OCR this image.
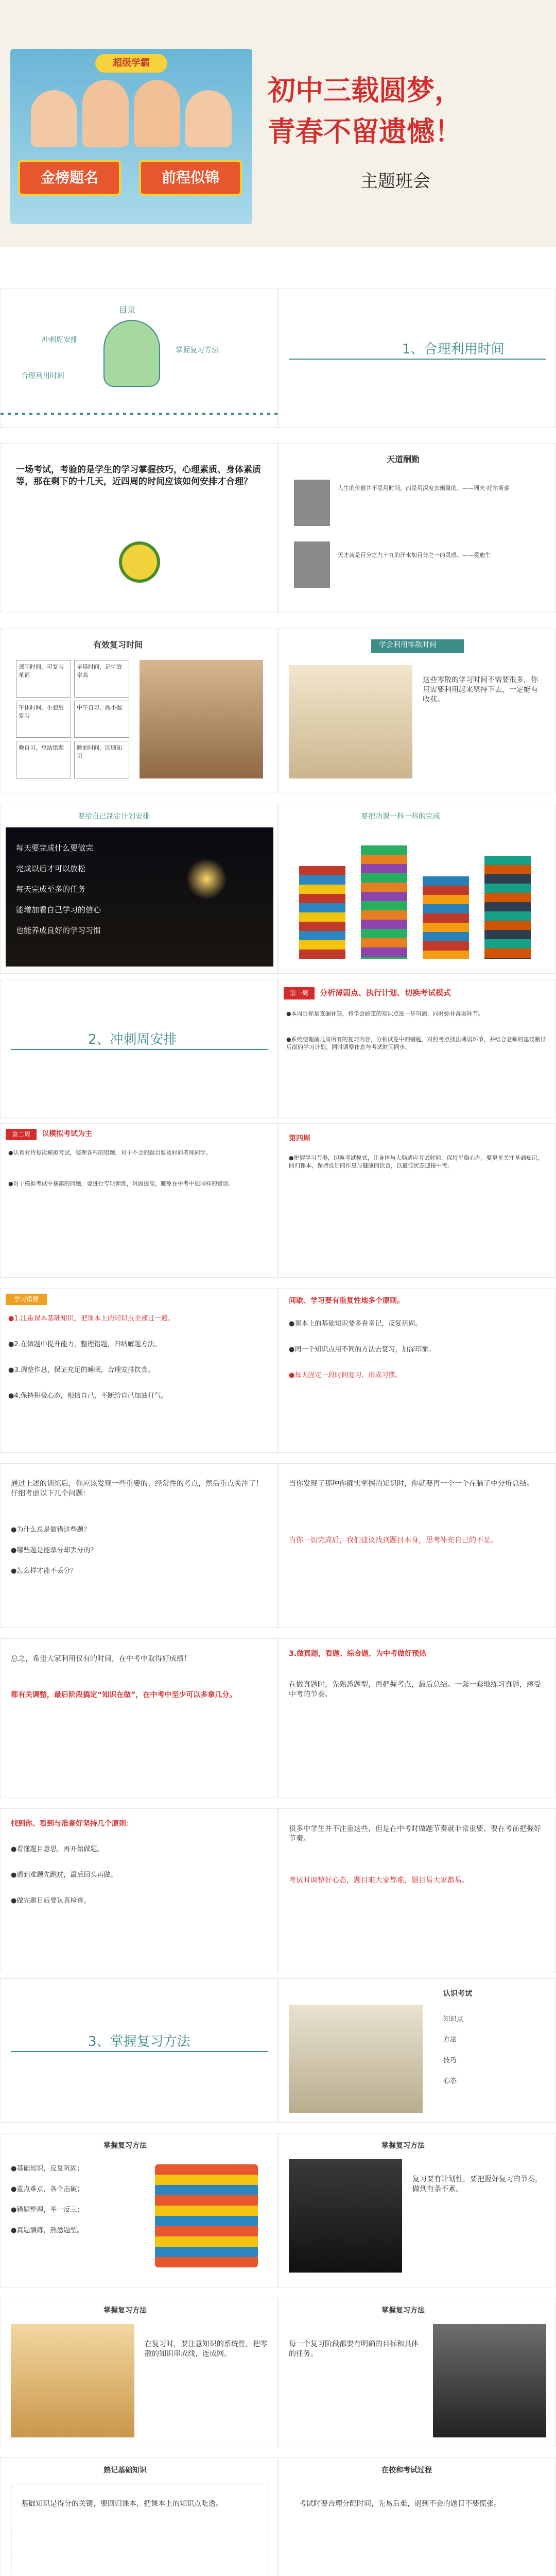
超级学霸
金榜题名	前程似锦
初中三载圆梦，
青春不留遗憾！
主题班会
目录
冲刺周安排
合理利用时间
掌握复习方法	1、合理利用时间
一场考试，考验的是学生的学习掌握技巧，心理素质、身体素质等，那在剩下的十几天，近四周的时间应该如何安排才合理？
天道酬勤
人生的价值并不是用时间，而是用深度去衡量的。——列夫·托尔斯泰
天才就是百分之九十九的汗水加百分之一的灵感。——爱迪生
有效复习时间
课间时间，可复习单词
早晨时间，记忆效率高
午休时间，小憩后复习
中午自习，做小题
晚自习，总结错题	睡前时间，回顾知识
学会利用零散时间
这些零散的学习时间不需要很多，你只需要利用起来坚持下去，一定能有收获。
要给自己制定计划安排
每天要完成什么要做完
完成以后才可以放松
每天完成至多的任务
能增加看自己学习的信心
也能养成良好的学习习惯
要把功课一科一科的完成
2、冲刺周安排
第一周	分析薄弱点、执行计划、切换考试模式
●本周目标是查漏补缺，将学会搞定的知识点进一步巩固，同时弥补薄弱环节。
●系统整理前几周所有的复习内容，分析试卷中的错题，对照考点找出薄弱环节，并结合老师的建议制订后面的学习计划，同时调整作息与考试时间同步。
第二周	以模拟考试为主
●认真对待每次模拟考试，整理各科的错题，对于不会的题目要及时问老师同学。
●对于模拟考试中暴露的问题，要进行专项训练，巩固提高，避免在中考中犯同样的错误。
第四周
●把握学习节奏，切换考试模式，让身体与大脑适应考试时间，保持平稳心态。要更多关注基础知识，回归课本，保持良好的作息与健康的饮食，以最佳状态迎接中考。
学习重要
●1.注重课本基础知识，把课本上的知识点全部过一遍。
●2.在做题中提升能力，整理错题，归纳解题方法。
●3.调整作息，保证充足的睡眠，合理安排饮食。
●4.保持积极心态，相信自己，不断给自己加油打气。
间歇、学习要有重复性地多个原则。
●课本上的基础知识要多看多记，反复巩固。
●同一个知识点用不同的方法去复习，加深印象。
●每天固定一段时间复习，形成习惯。
通过上述的训练后，你应该发现一些重要的、经常性的考点，然后重点关注了！仔细考虑以下几个问题：
●为什么总是做错这些题？
●哪些题是能拿分却丢分的？
●怎么样才能不丢分？
当你发现了那种你确实掌握的知识时，你就要再一个一个在脑子中分析总结。
当你一切完成后，我们建议找到题目本身，思考补充自己的不足。
总之，希望大家利用仅有的时间，在中考中取得好成绩！
都有关调整，最后阶段搞定“知识在做”，在中考中至少可以多拿几分。
3.做真题，看题、综合题，为中考做好预热
在做真题时，先熟悉题型，再把握考点，最后总结。一套一套地练习真题，感受中考的节奏。
找到你、看到与准备好坚持几个原则：
●看懂题目意思，再开始做题。
●遇到难题先跳过，最后回头再做。
●做完题目后要认真检查。
很多中学生并不注重这些，但是在中考时做题节奏就非常重要。要在考前把握好节奏。
考试时调整好心态，题目难大家都难，题目易大家都易。
3、掌握复习方法
认识考试
知识点
方法
技巧
心态
掌握复习方法
●基础知识，反复巩固；
●重点难点，各个击破；
●错题整理，举一反三；
●真题演练，熟悉题型。
掌握复习方法
复习要有计划性，要把握好复习的节奏，做到有条不紊。
掌握复习方法
在复习时，要注意知识的系统性，把零散的知识串成线，连成网。
掌握复习方法
每一个复习阶段都要有明确的目标和具体的任务。
熟记基础知识
基础知识是得分的关键，要回归课本，把课本上的知识点吃透。
在校和考试过程
考试时要合理分配时间，先易后难，遇到不会的题目不要慌张。
